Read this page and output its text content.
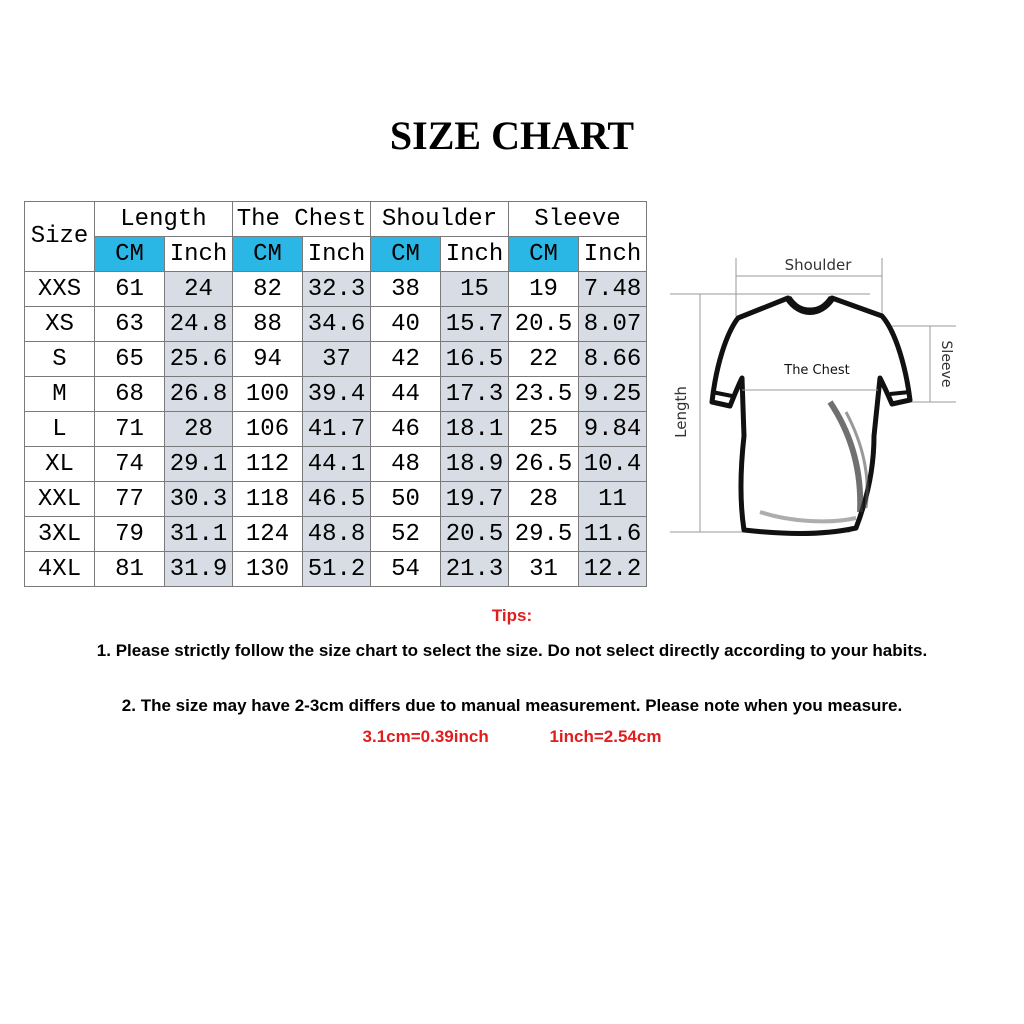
SIZE CHART
Size	Length		The Chest		Shoulder		Sleeve	
	CM	Inch	CM	Inch	CM	Inch	CM	Inch
XXS	61	24	82	32.3	38	15	19	7.48
XS	63	24.8	88	34.6	40	15.7	20.5	8.07
S	65	25.6	94	37	42	16.5	22	8.66
M	68	26.8	100	39.4	44	17.3	23.5	9.25
L	71	28	106	41.7	46	18.1	25	9.84
XL	74	29.1	112	44.1	48	18.9	26.5	10.4
XXL	77	30.3	118	46.5	50	19.7	28	11
3XL	79	31.1	124	48.8	52	20.5	29.5	11.6
4XL	81	31.9	130	51.2	54	21.3	31	12.2
Shoulder
The Chest	Sleeve
Length
Tips:
1. Please strictly follow the size chart to select the size. Do not select directly according to your habits.
2. The size may have 2-3cm differs due to manual measurement. Please note when you measure.
3.1cm=0.39inch	1inch=2.54cm
